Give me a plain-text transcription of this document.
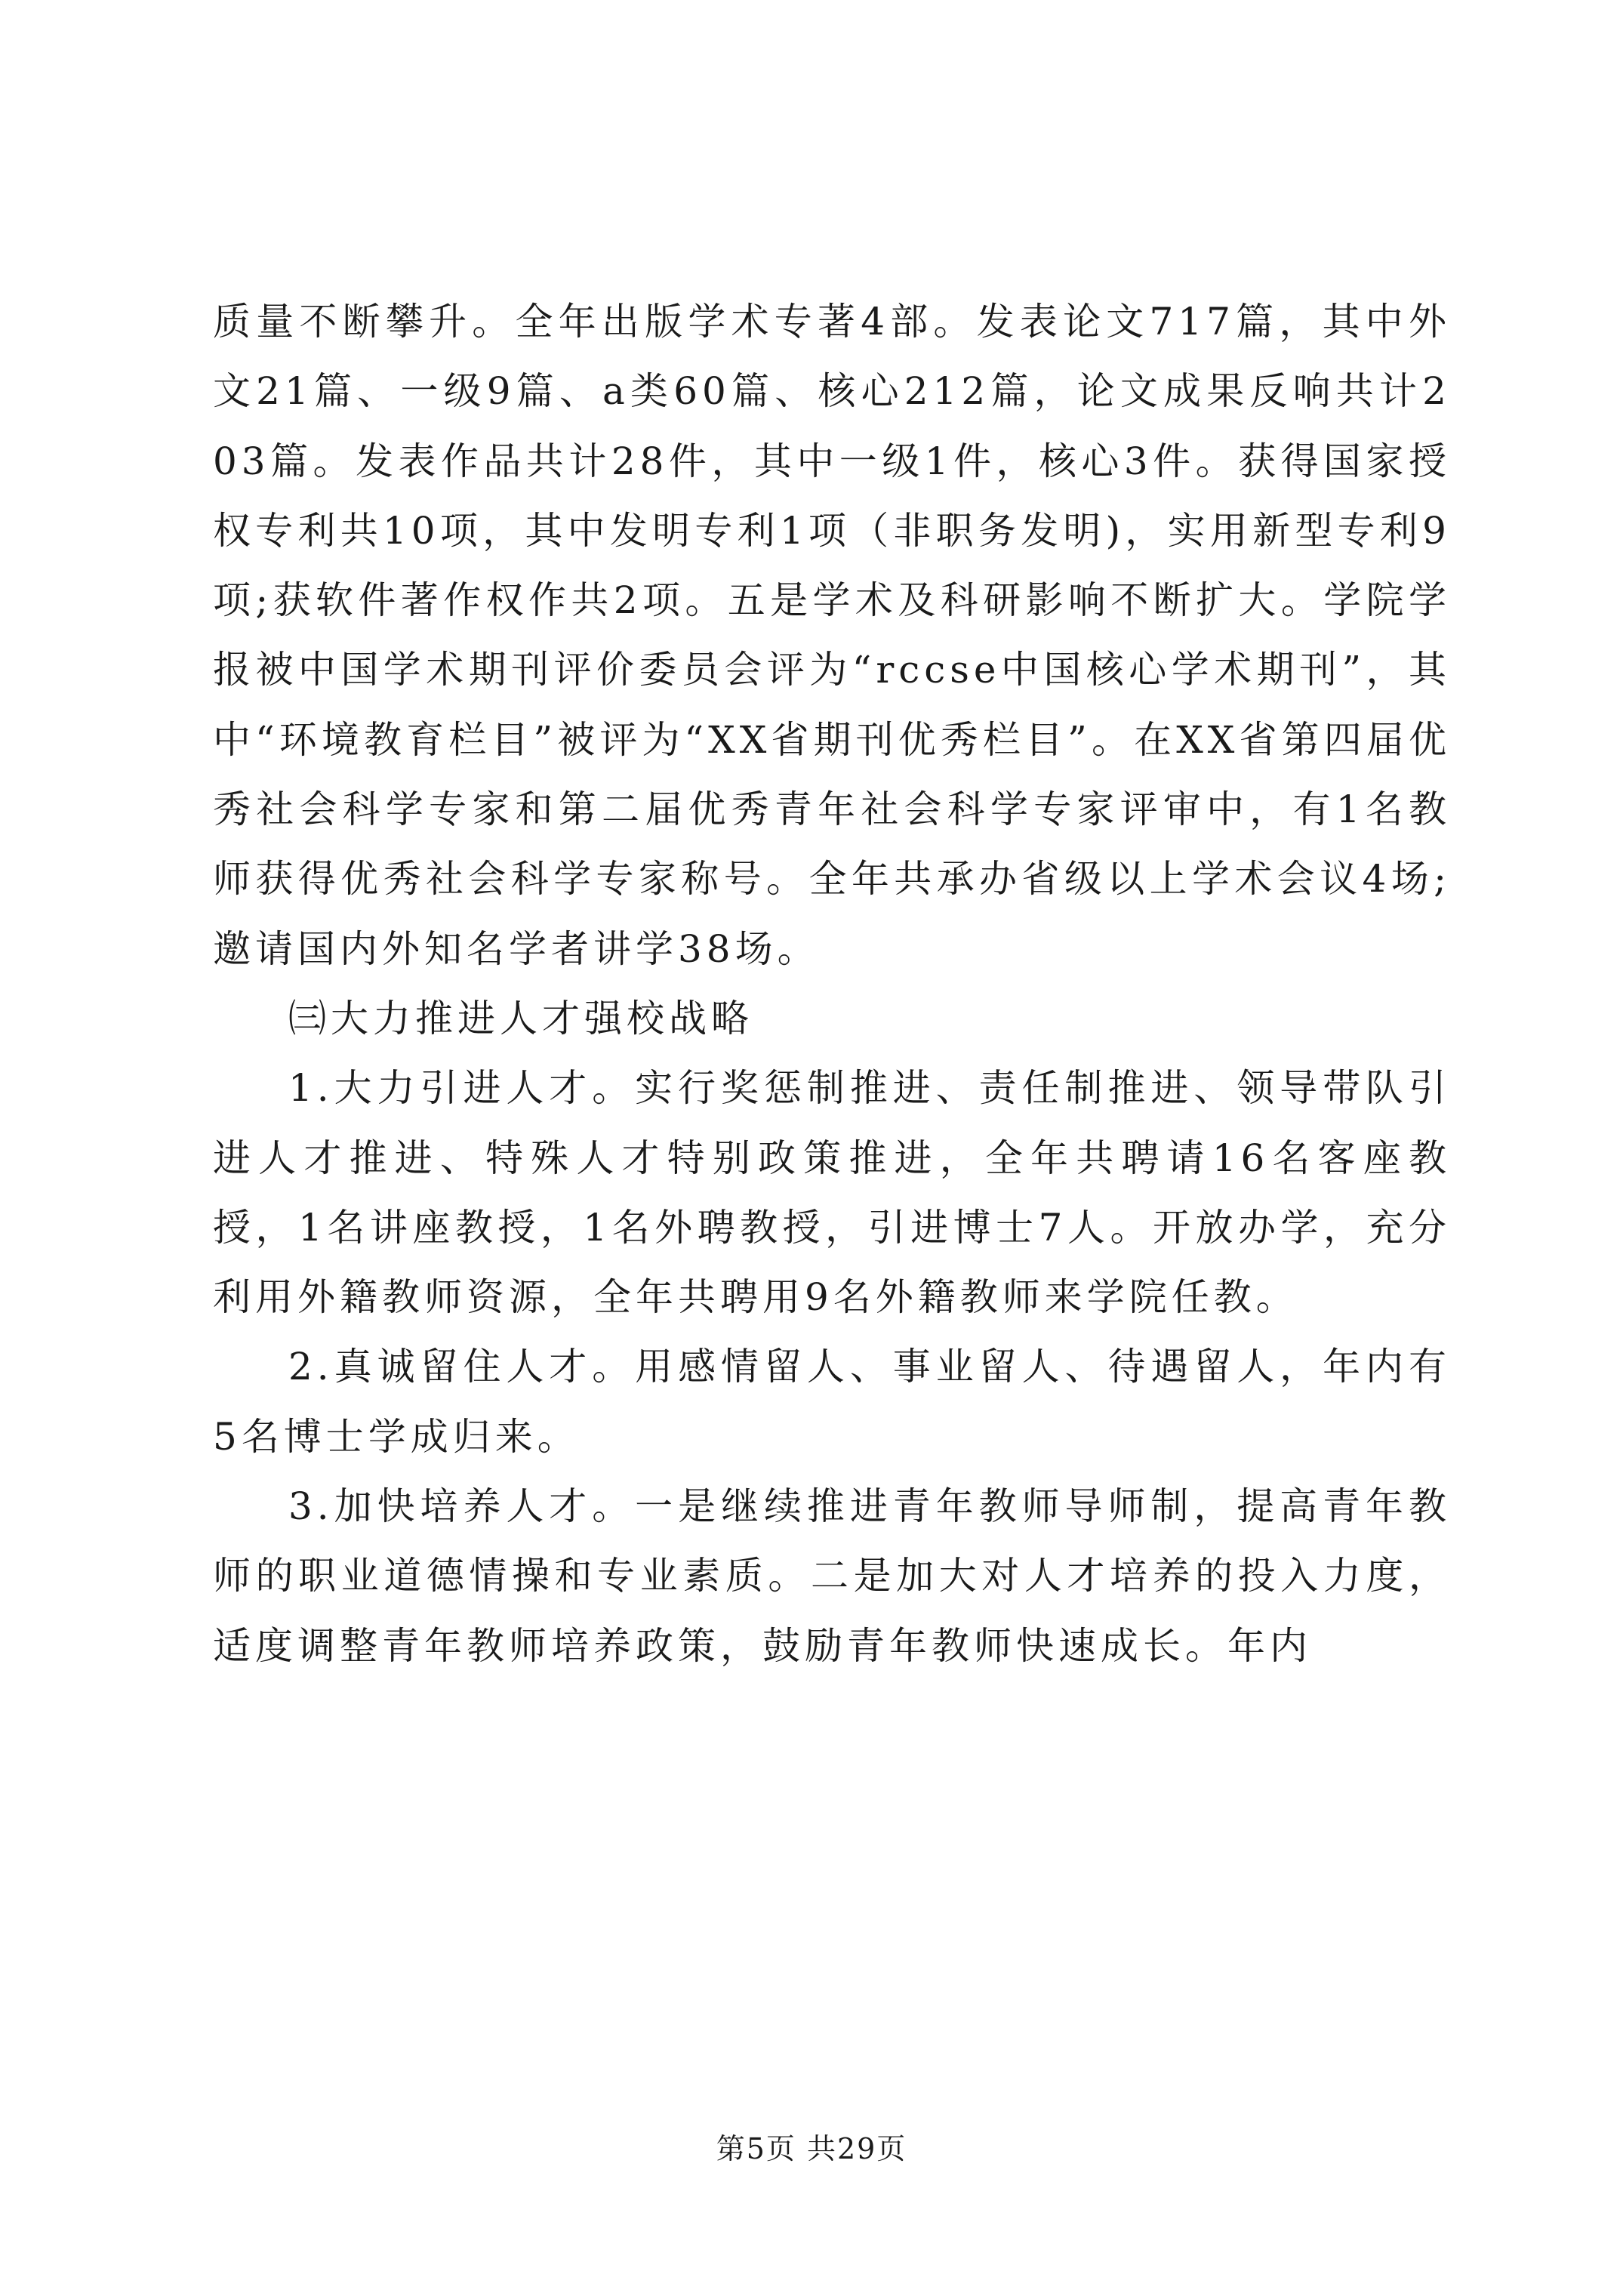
质量不断攀升。全年出版学术专著4部。发表论文717篇，其中外文21篇、一级9篇、a类60篇、核心212篇，论文成果反响共计203篇。发表作品共计28件，其中一级1件，核心3件。获得国家授权专利共10项，其中发明专利1项（非职务发明)，实用新型专利9项;获软件著作权作共2项。五是学术及科研影响不断扩大。学院学报被中国学术期刊评价委员会评为“rccse中国核心学术期刊”，其中“环境教育栏目”被评为“XX省期刊优秀栏目”。在XX省第四届优秀社会科学专家和第二届优秀青年社会科学专家评审中，有1名教师获得优秀社会科学专家称号。全年共承办省级以上学术会议4场;邀请国内外知名学者讲学38场。

㈢大力推进人才强校战略

1.大力引进人才。实行奖惩制推进、责任制推进、领导带队引进人才推进、特殊人才特别政策推进，全年共聘请16名客座教授，1名讲座教授，1名外聘教授，引进博士7人。开放办学，充分利用外籍教师资源，全年共聘用9名外籍教师来学院任教。

2.真诚留住人才。用感情留人、事业留人、待遇留人，年内有5名博士学成归来。

3.加快培养人才。一是继续推进青年教师导师制，提高青年教师的职业道德情操和专业素质。二是加大对人才培养的投入力度，适度调整青年教师培养政策，鼓励青年教师快速成长。年内

第5页 共29页
